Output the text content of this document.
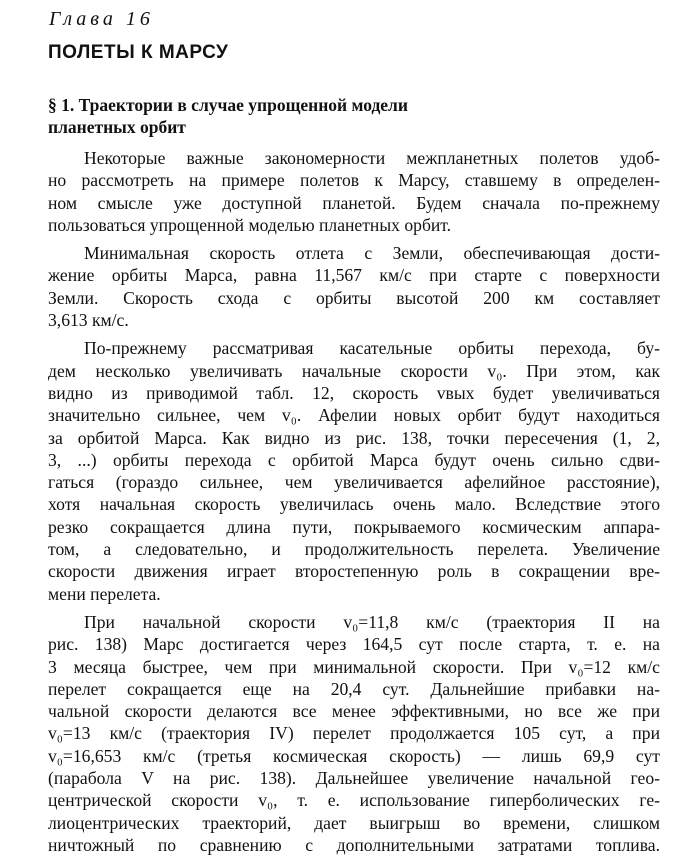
Глава 16
ПОЛЕТЫ К МАРСУ
§ 1. Траектории в случае упрощенной модели
планетных орбит
Некоторые важные закономерности межпланетных полетов удоб-
но рассмотреть на примере полетов к Марсу, ставшему в определен-
ном смысле уже доступной планетой. Будем сначала по-прежнему
пользоваться упрощенной моделью планетных орбит.
Минимальная скорость отлета с Земли, обеспечивающая дости-
жение орбиты Марса, равна 11,567 км/с при старте с поверхности
Земли. Скорость схода с орбиты высотой 200 км составляет
3,613 км/с.
По-прежнему рассматривая касательные орбиты перехода, бу-
дем несколько увеличивать начальные скорости v₀. При этом, как
видно из приводимой табл. 12, скорость vвых будет увеличиваться
значительно сильнее, чем v₀. Афелии новых орбит будут находиться
за орбитой Марса. Как видно из рис. 138, точки пересечения (1, 2,
3, ...) орбиты перехода с орбитой Марса будут очень сильно сдви-
гаться (гораздо сильнее, чем увеличивается афелийное расстояние),
хотя начальная скорость увеличилась очень мало. Вследствие этого
резко сокращается длина пути, покрываемого космическим аппара-
том, а следовательно, и продолжительность перелета. Увеличение
скорости движения играет второстепенную роль в сокращении вре-
мени перелета.
При начальной скорости v₀=11,8 км/с (траектория II на
рис. 138) Марс достигается через 164,5 сут после старта, т. е. на
3 месяца быстрее, чем при минимальной скорости. При v₀=12 км/с
перелет сокращается еще на 20,4 сут. Дальнейшие прибавки на-
чальной скорости делаются все менее эффективными, но все же при
v₀=13 км/с (траектория IV) перелет продолжается 105 сут, а при
v₀=16,653 км/с (третья космическая скорость) — лишь 69,9 сут
(парабола V на рис. 138). Дальнейшее увеличение начальной гео-
центрической скорости v₀, т. е. использование гиперболических ге-
лиоцентрических траекторий, дает выигрыш во времени, слишком
ничтожный по сравнению с дополнительными затратами топлива.
